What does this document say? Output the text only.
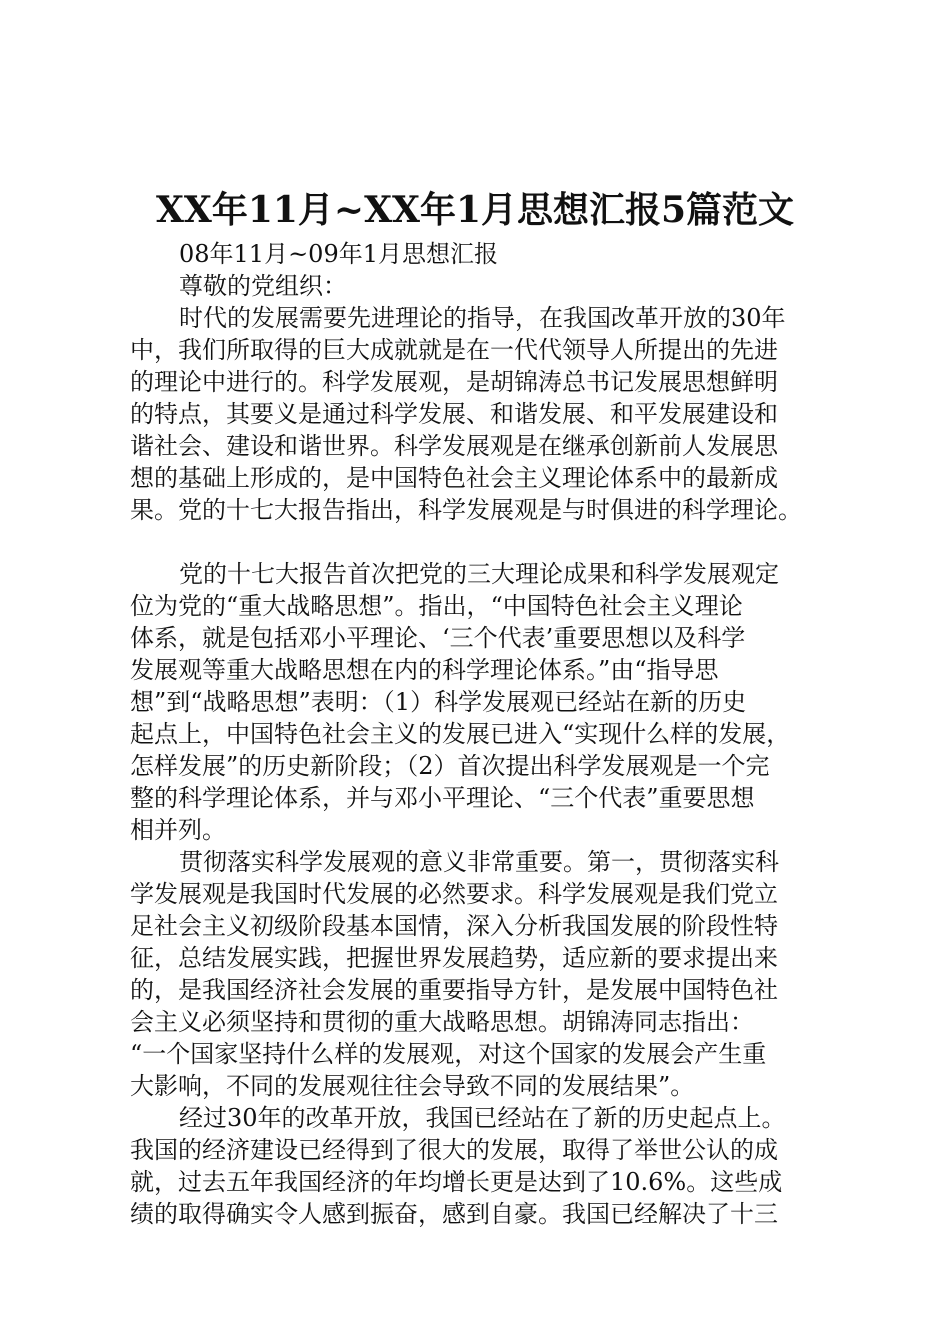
XX年11月~XX年1月思想汇报5篇范文
08年11月~09年1月思想汇报
尊敬的党组织：
时代的发展需要先进理论的指导，在我国改革开放的30年
中，我们所取得的巨大成就就是在一代代领导人所提出的先进
的理论中进行的。科学发展观，是胡锦涛总书记发展思想鲜明
的特点，其要义是通过科学发展、和谐发展、和平发展建设和
谐社会、建设和谐世界。科学发展观是在继承创新前人发展思
想的基础上形成的，是中国特色社会主义理论体系中的最新成
果。党的十七大报告指出，科学发展观是与时俱进的科学理论。
党的十七大报告首次把党的三大理论成果和科学发展观定
位为党的“重大战略思想”。指出，“中国特色社会主义理论
体系，就是包括邓小平理论、‘三个代表’重要思想以及科学
发展观等重大战略思想在内的科学理论体系。”由“指导思
想”到“战略思想”表明：（1）科学发展观已经站在新的历史
起点上，中国特色社会主义的发展已进入“实现什么样的发展，
怎样发展”的历史新阶段；（2）首次提出科学发展观是一个完
整的科学理论体系，并与邓小平理论、“三个代表”重要思想
相并列。
贯彻落实科学发展观的意义非常重要。第一，贯彻落实科
学发展观是我国时代发展的必然要求。科学发展观是我们党立
足社会主义初级阶段基本国情，深入分析我国发展的阶段性特
征，总结发展实践，把握世界发展趋势，适应新的要求提出来
的，是我国经济社会发展的重要指导方针，是发展中国特色社
会主义必须坚持和贯彻的重大战略思想。胡锦涛同志指出：
“一个国家坚持什么样的发展观，对这个国家的发展会产生重
大影响，不同的发展观往往会导致不同的发展结果”。
经过30年的改革开放，我国已经站在了新的历史起点上。
我国的经济建设已经得到了很大的发展，取得了举世公认的成
就，过去五年我国经济的年均增长更是达到了10.6%。这些成
绩的取得确实令人感到振奋，感到自豪。我国已经解决了十三
